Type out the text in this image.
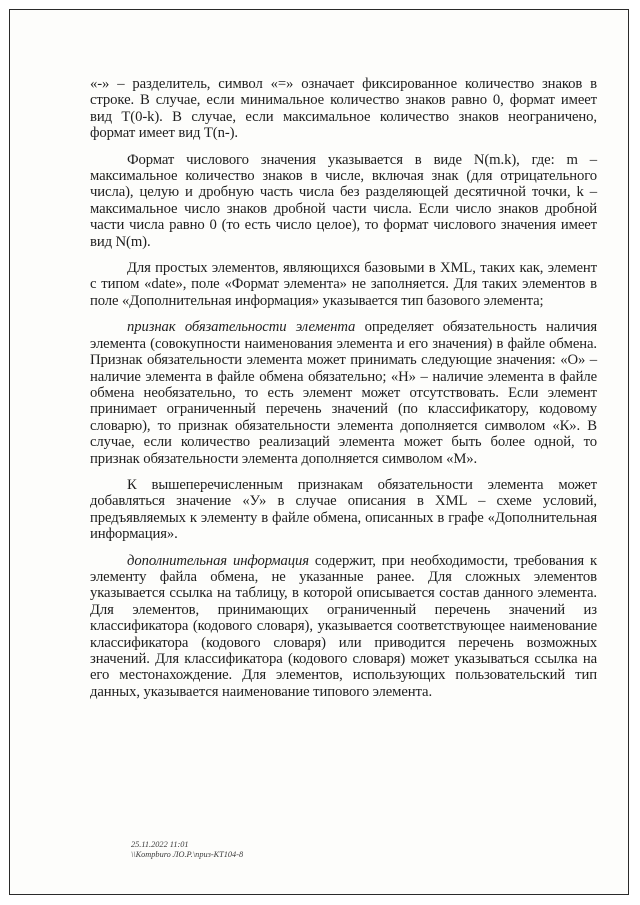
«-» – разделитель, символ «=» означает фиксированное количество знаков в строке. В случае, если минимальное количество знаков равно 0, формат имеет вид T(0-k). В случае, если максимальное количество знаков неограничено, формат имеет вид T(n-).

Формат числового значения указывается в виде N(m.k), где: m – максимальное количество знаков в числе, включая знак (для отрицательного числа), целую и дробную часть числа без разделяющей десятичной точки, k – максимальное число знаков дробной части числа. Если число знаков дробной части числа равно 0 (то есть число целое), то формат числового значения имеет вид N(m).

Для простых элементов, являющихся базовыми в XML, таких как, элемент с типом «date», поле «Формат элемента» не заполняется. Для таких элементов в поле «Дополнительная информация» указывается тип базового элемента;

признак обязательности элемента определяет обязательность наличия элемента (совокупности наименования элемента и его значения) в файле обмена. Признак обязательности элемента может принимать следующие значения: «О» – наличие элемента в файле обмена обязательно; «Н» – наличие элемента в файле обмена необязательно, то есть элемент может отсутствовать. Если элемент принимает ограниченный перечень значений (по классификатору, кодовому словарю), то признак обязательности элемента дополняется символом «К». В случае, если количество реализаций элемента может быть более одной, то признак обязательности элемента дополняется символом «М».

К вышеперечисленным признакам обязательности элемента может добавляться значение «У» в случае описания в XML – схеме условий, предъявляемых к элементу в файле обмена, описанных в графе «Дополнительная информация».

дополнительная информация содержит, при необходимости, требования к элементу файла обмена, не указанные ранее. Для сложных элементов указывается ссылка на таблицу, в которой описывается состав данного элемента. Для элементов, принимающих ограниченный перечень значений из классификатора (кодового словаря), указывается соответствующее наименование классификатора (кодового словаря) или приводится перечень возможных значений. Для классификатора (кодового словаря) может указываться ссылка на его местонахождение. Для элементов, использующих пользовательский тип данных, указывается наименование типового элемента.

25.11.2022 11:01
\\Kompburo ЛО.Р.\приз-КТ104-8
